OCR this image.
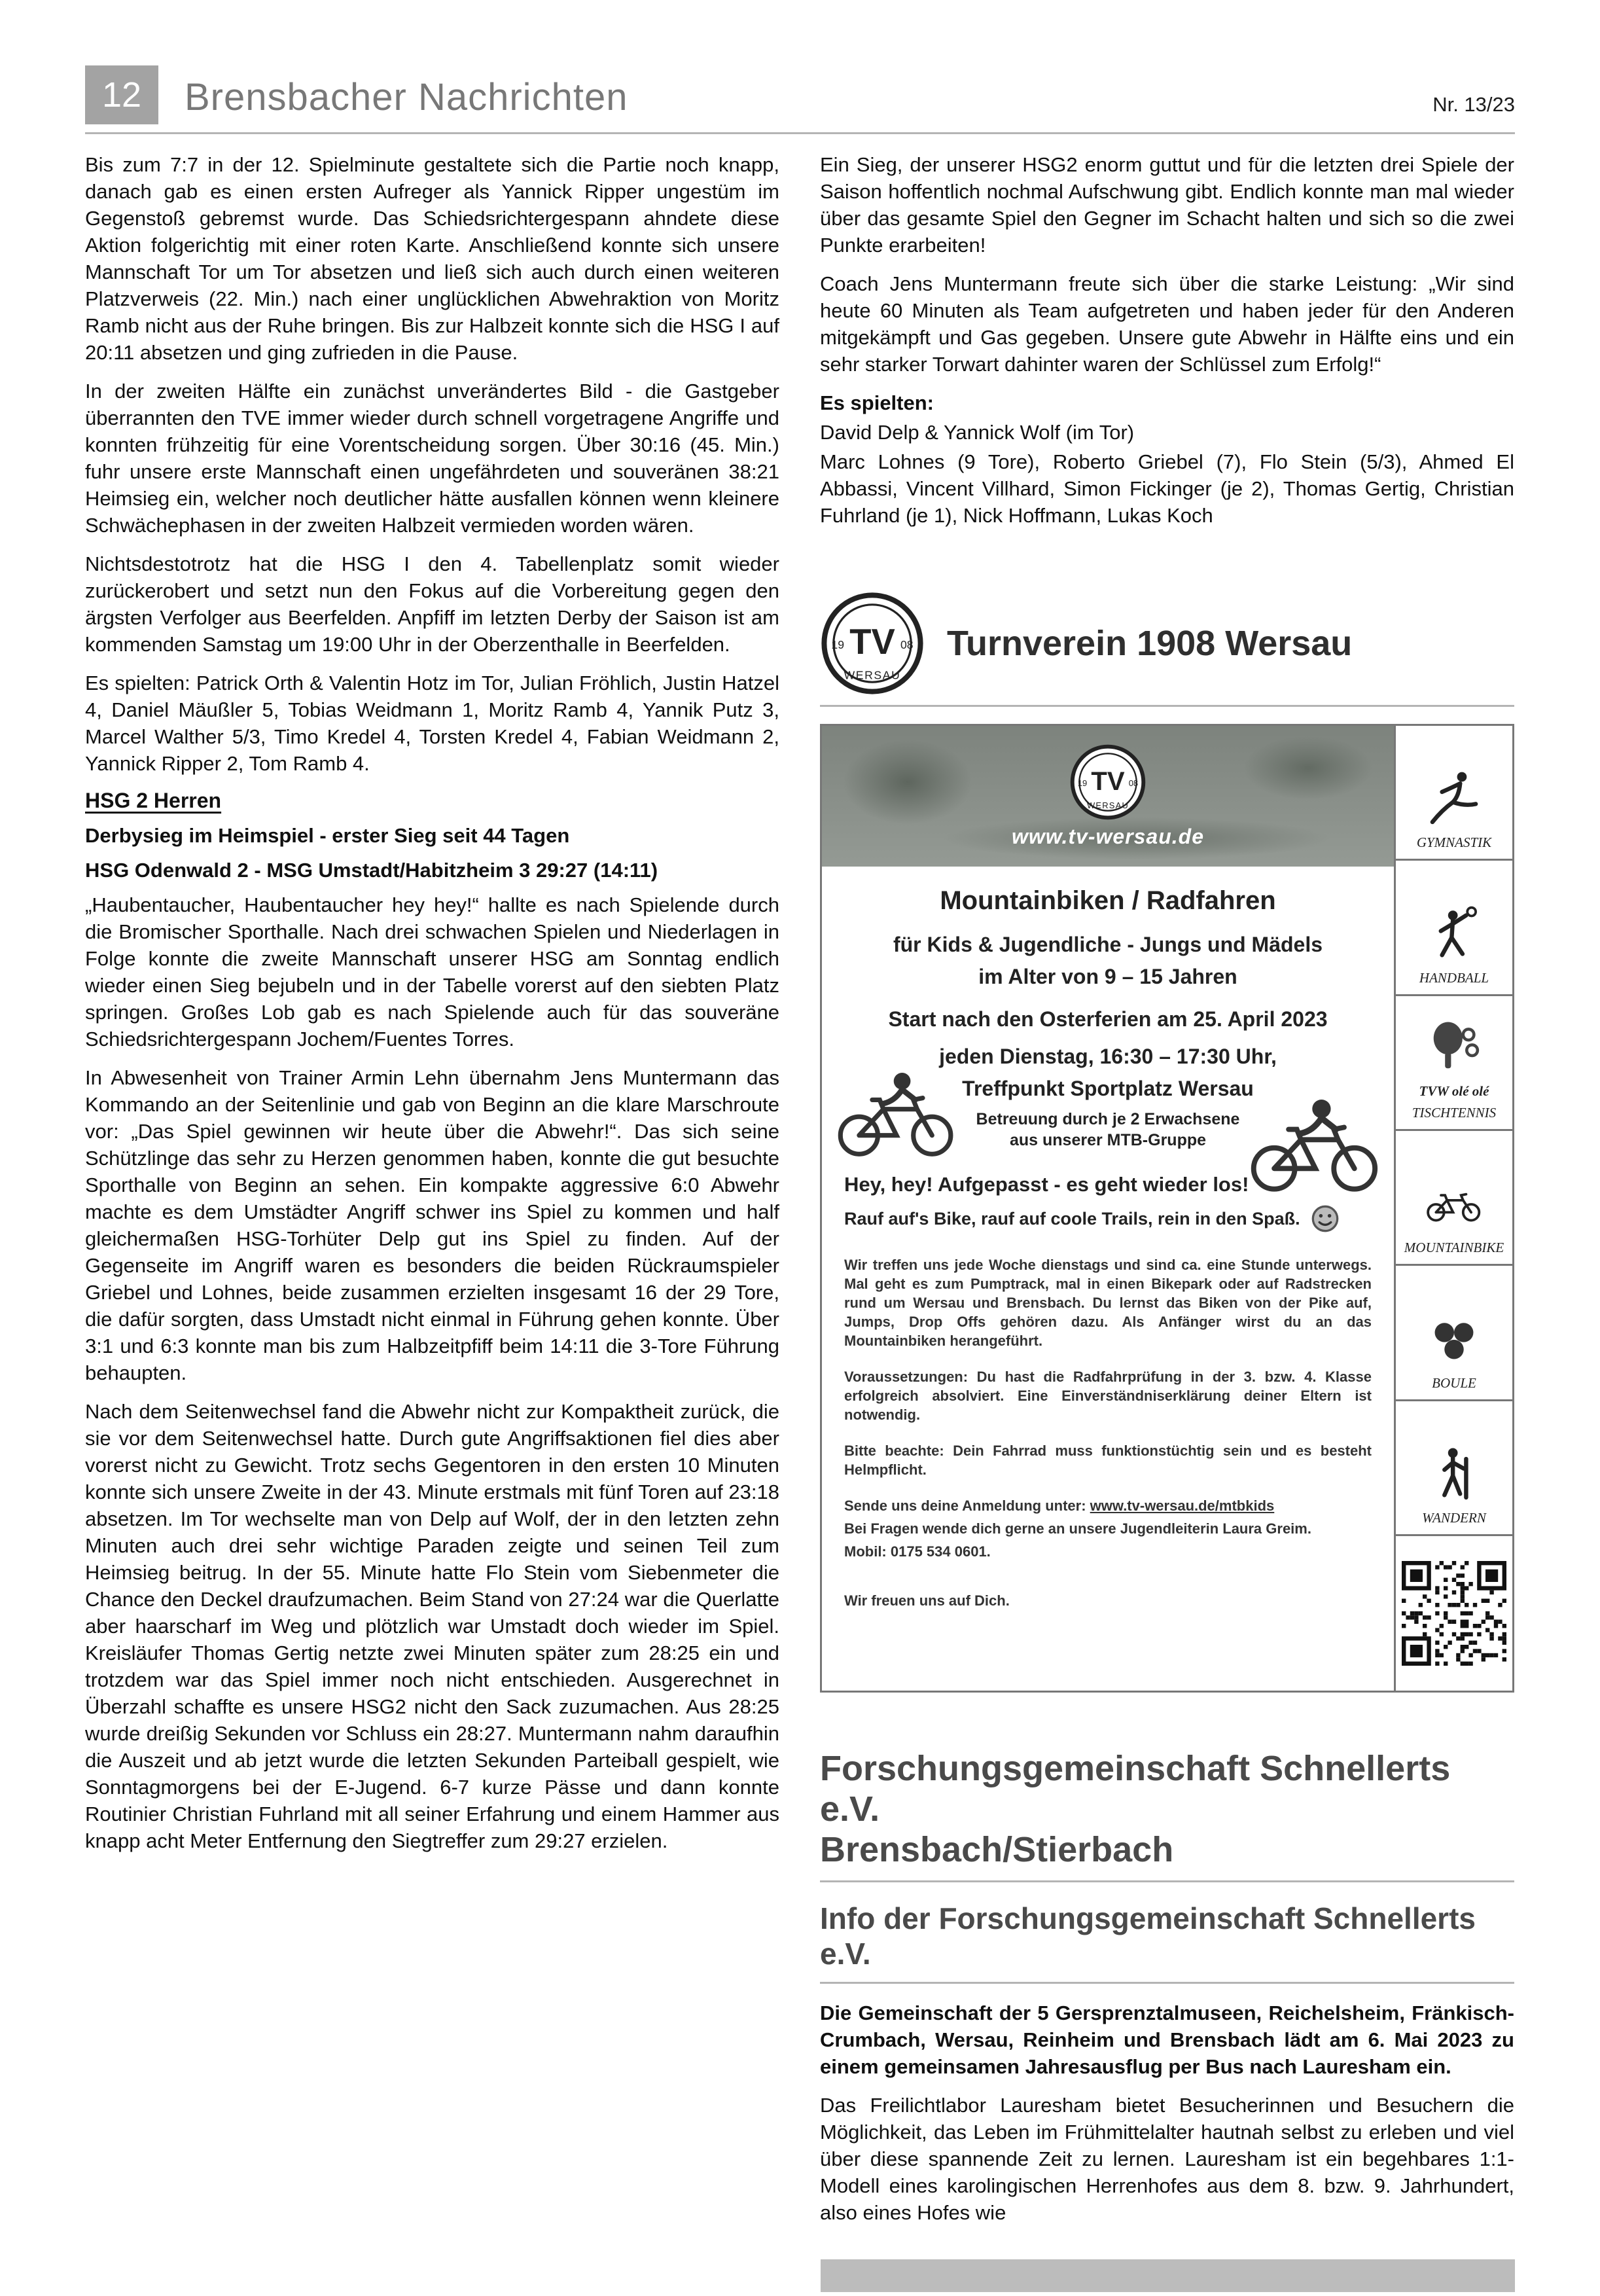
12	Brensbacher Nachrichten	Nr. 13/23

Bis zum 7:7 in der 12. Spielminute gestaltete sich die Partie noch knapp, danach gab es einen ersten Aufreger als Yannick Ripper ungestüm im Gegenstoß gebremst wurde. Das Schiedsrichtergespann ahndete diese Aktion folgerichtig mit einer roten Karte. Anschließend konnte sich unsere Mannschaft Tor um Tor absetzen und ließ sich auch durch einen weiteren Platzverweis (22. Min.) nach einer unglücklichen Abwehraktion von Moritz Ramb nicht aus der Ruhe bringen. Bis zur Halbzeit konnte sich die HSG I auf 20:11 absetzen und ging zufrieden in die Pause.

In der zweiten Hälfte ein zunächst unverändertes Bild - die Gastgeber überrannten den TVE immer wieder durch schnell vorgetragene Angriffe und konnten frühzeitig für eine Vorentscheidung sorgen. Über 30:16 (45. Min.) fuhr unsere erste Mannschaft einen ungefährdeten und souveränen 38:21 Heimsieg ein, welcher noch deutlicher hätte ausfallen können wenn kleinere Schwächephasen in der zweiten Halbzeit vermieden worden wären.

Nichtsdestotrotz hat die HSG I den 4. Tabellenplatz somit wieder zurückerobert und setzt nun den Fokus auf die Vorbereitung gegen den ärgsten Verfolger aus Beerfelden. Anpfiff im letzten Derby der Saison ist am kommenden Samstag um 19:00 Uhr in der Oberzenthalle in Beerfelden.

Es spielten: Patrick Orth & Valentin Hotz im Tor, Julian Fröhlich, Justin Hatzel 4, Daniel Mäußler 5, Tobias Weidmann 1, Moritz Ramb 4, Yannik Putz 3, Marcel Walther 5/3, Timo Kredel 4, Torsten Kredel 4, Fabian Weidmann 2, Yannick Ripper 2, Tom Ramb 4.

HSG 2 Herren
Derbysieg im Heimspiel - erster Sieg seit 44 Tagen
HSG Odenwald 2 - MSG Umstadt/Habitzheim 3 29:27 (14:11)

„Haubentaucher, Haubentaucher hey hey!“ hallte es nach Spielende durch die Bromischer Sporthalle. Nach drei schwachen Spielen und Niederlagen in Folge konnte die zweite Mannschaft unserer HSG am Sonntag endlich wieder einen Sieg bejubeln und in der Tabelle vorerst auf den siebten Platz springen. Großes Lob gab es nach Spielende auch für das souveräne Schiedsrichtergespann Jochem/Fuentes Torres.

In Abwesenheit von Trainer Armin Lehn übernahm Jens Muntermann das Kommando an der Seitenlinie und gab von Beginn an die klare Marschroute vor: „Das Spiel gewinnen wir heute über die Abwehr!“. Das sich seine Schützlinge das sehr zu Herzen genommen haben, konnte die gut besuchte Sporthalle von Beginn an sehen. Ein kompakte aggressive 6:0 Abwehr machte es dem Umstädter Angriff schwer ins Spiel zu kommen und half gleichermaßen HSG-Torhüter Delp gut ins Spiel zu finden. Auf der Gegenseite im Angriff waren es besonders die beiden Rückraumspieler Griebel und Lohnes, beide zusammen erzielten insgesamt 16 der 29 Tore, die dafür sorgten, dass Umstadt nicht einmal in Führung gehen konnte. Über 3:1 und 6:3 konnte man bis zum Halbzeitpfiff beim 14:11 die 3-Tore Führung behaupten.

Nach dem Seitenwechsel fand die Abwehr nicht zur Kompaktheit zurück, die sie vor dem Seitenwechsel hatte. Durch gute Angriffsaktionen fiel dies aber vorerst nicht zu Gewicht. Trotz sechs Gegentoren in den ersten 10 Minuten konnte sich unsere Zweite in der 43. Minute erstmals mit fünf Toren auf 23:18 absetzen. Im Tor wechselte man von Delp auf Wolf, der in den letzten zehn Minuten auch drei sehr wichtige Paraden zeigte und seinen Teil zum Heimsieg beitrug. In der 55. Minute hatte Flo Stein vom Siebenmeter die Chance den Deckel draufzumachen. Beim Stand von 27:24 war die Querlatte aber haarscharf im Weg und plötzlich war Umstadt doch wieder im Spiel. Kreisläufer Thomas Gertig netzte zwei Minuten später zum 28:25 ein und trotzdem war das Spiel immer noch nicht entschieden. Ausgerechnet in Überzahl schaffte es unsere HSG2 nicht den Sack zuzumachen. Aus 28:25 wurde dreißig Sekunden vor Schluss ein 28:27. Muntermann nahm daraufhin die Auszeit und ab jetzt wurde die letzten Sekunden Parteiball gespielt, wie Sonntagmorgens bei der E-Jugend. 6-7 kurze Pässe und dann konnte Routinier Christian Fuhrland mit all seiner Erfahrung und einem Hammer aus knapp acht Meter Entfernung den Siegtreffer zum 29:27 erzielen.

Ein Sieg, der unserer HSG2 enorm guttut und für die letzten drei Spiele der Saison hoffentlich nochmal Aufschwung gibt. Endlich konnte man mal wieder über das gesamte Spiel den Gegner im Schacht halten und sich so die zwei Punkte erarbeiten!

Coach Jens Muntermann freute sich über die starke Leistung: „Wir sind heute 60 Minuten als Team aufgetreten und haben jeder für den Anderen mitgekämpft und Gas gegeben. Unsere gute Abwehr in Hälfte eins und ein sehr starker Torwart dahinter waren der Schlüssel zum Erfolg!“

Es spielten:

David Delp & Yannick Wolf (im Tor)

Marc Lohnes (9 Tore), Roberto Griebel (7), Flo Stein (5/3), Ahmed El Abbassi, Vincent Villhard, Simon Fickinger (je 2), Thomas Gertig, Christian Fuhrland (je 1), Nick Hoffmann, Lukas Koch

TV
19	08
WERSAU
Turnverein 1908 Wersau
TV
19	08
WERSAU
www.tv-wersau.de
Mountainbiken / Radfahren
für Kids & Jugendliche - Jungs und Mädels
im Alter von 9 – 15 Jahren
Start nach den Osterferien am 25. April 2023
jeden Dienstag, 16:30 – 17:30 Uhr,
Treffpunkt Sportplatz Wersau
Betreuung durch je 2 Erwachsene
aus unserer MTB-Gruppe
Hey, hey! Aufgepasst - es geht wieder los!
Rauf auf's Bike, rauf auf coole Trails, rein in den Spaß.

Wir treffen uns jede Woche dienstags und sind ca. eine Stunde unterwegs. Mal geht es zum Pumptrack, mal in einen Bikepark oder auf Radstrecken rund um Wersau und Brensbach. Du lernst das Biken von der Pike auf, Jumps, Drop Offs gehören dazu. Als Anfänger wirst du an das Mountainbiken herangeführt.

Voraussetzungen: Du hast die Radfahrprüfung in der 3. bzw. 4. Klasse erfolgreich absolviert. Eine Einverständniserklärung deiner Eltern ist notwendig.

Bitte beachte: Dein Fahrrad muss funktionstüchtig sein und es besteht Helmpflicht.

Sende uns deine Anmeldung unter: www.tv-wersau.de/mtbkids

Bei Fragen wende dich gerne an unsere Jugendleiterin Laura Greim.

Mobil: 0175 534 0601.

Wir freuen uns auf Dich.

GYMNASTIK
HANDBALL
TVW olé olé
TISCHTENNIS
MOUNTAINBIKE
BOULE
WANDERN
Forschungsgemeinschaft Schnellerts e.V.
Brensbach/Stierbach
Info der Forschungsgemeinschaft Schnellerts e.V.

Die Gemeinschaft der 5 Gersprenztalmuseen, Reichelsheim, Fränkisch-Crumbach, Wersau, Reinheim und Brensbach lädt am 6. Mai 2023 zu einem gemeinsamen Jahresausflug per Bus nach Lauresham ein.

Das Freilichtlabor Lauresham bietet Besucherinnen und Besuchern die Möglichkeit, das Leben im Frühmittelalter hautnah selbst zu erleben und viel über diese spannende Zeit zu lernen. Lauresham ist ein begehbares 1:1-Modell eines karolingischen Herrenhofes aus dem 8. bzw. 9. Jahrhundert, also eines Hofes wie
